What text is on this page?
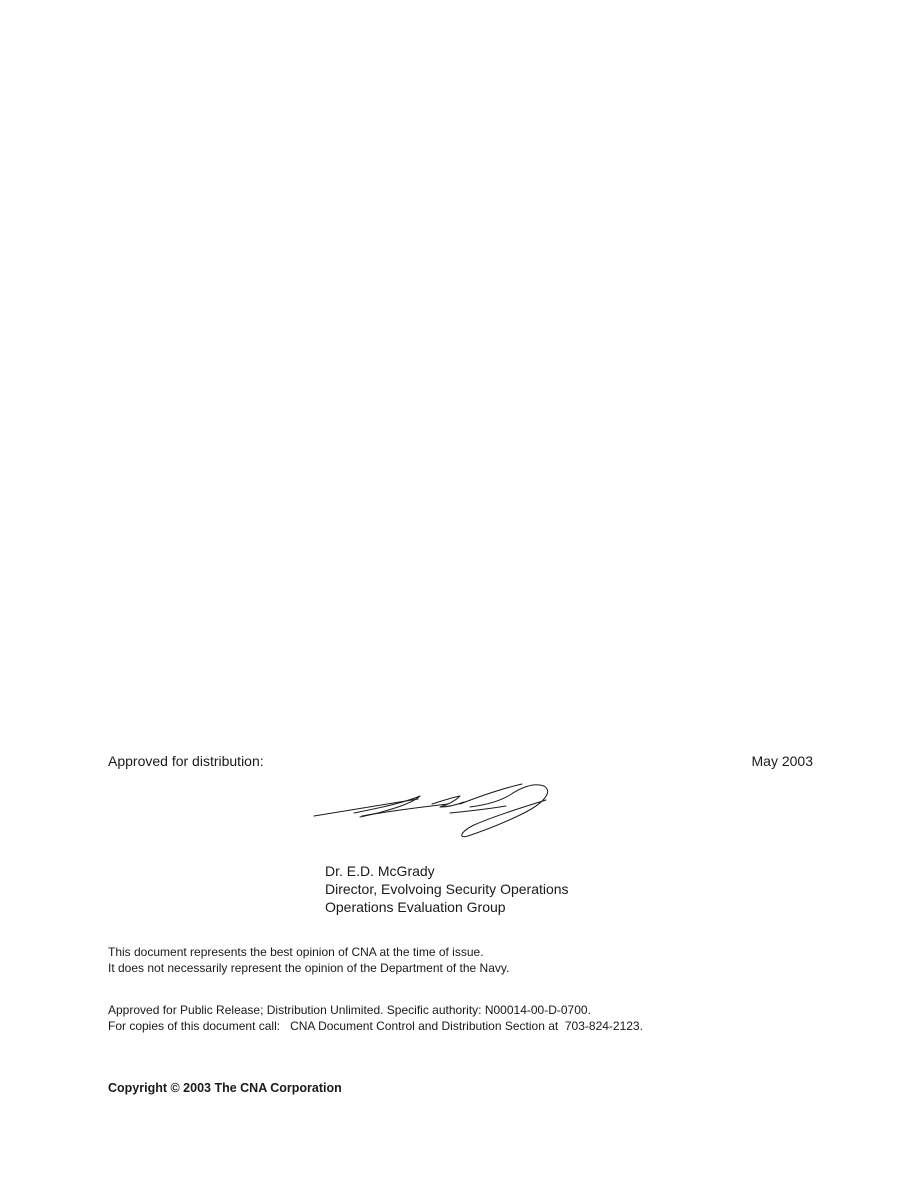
Approved for distribution:	May 2003
Dr. E.D. McGrady
Director, Evolvoing Security Operations
Operations Evaluation Group
This document represents the best opinion of CNA at the time of issue.
It does not necessarily represent the opinion of the Department of the Navy.
Approved for Public Release; Distribution Unlimited. Specific authority: N00014-00-D-0700.
For copies of this document call:   CNA Document Control and Distribution Section at  703-824-2123.
Copyright © 2003 The CNA Corporation
